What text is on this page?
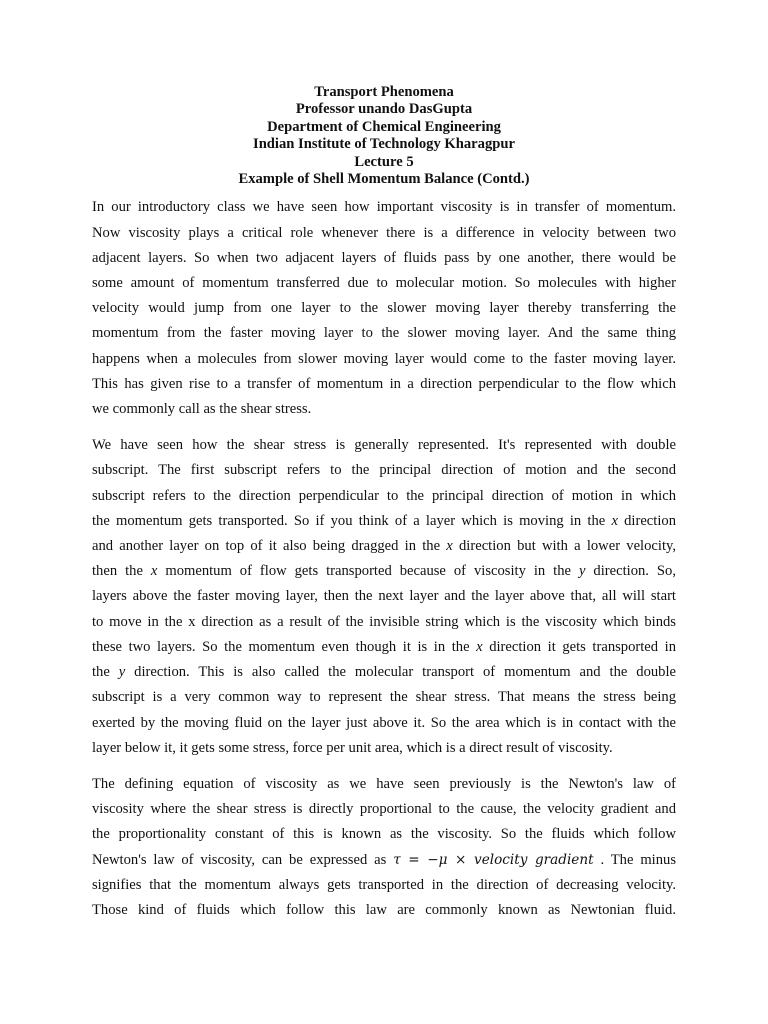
Transport Phenomena
Professor unando DasGupta
Department of Chemical Engineering
Indian Institute of Technology Kharagpur
Lecture 5
Example of Shell Momentum Balance (Contd.)
In our introductory class we have seen how important viscosity is in transfer of momentum.
Now viscosity plays a critical role whenever there is a difference in velocity between two
adjacent layers. So when two adjacent layers of fluids pass by one another, there would be
some amount of momentum transferred due to molecular motion. So molecules with higher
velocity would jump from one layer to the slower moving layer thereby transferring the
momentum from the faster moving layer to the slower moving layer. And the same thing
happens when a molecules from slower moving layer would come to the faster moving layer.
This has given rise to a transfer of momentum in a direction perpendicular to the flow which
we commonly call as the shear stress.
We have seen how the shear stress is generally represented. It's represented with double
subscript. The first subscript refers to the principal direction of motion and the second
subscript refers to the direction perpendicular to the principal direction of motion in which
the momentum gets transported. So if you think of a layer which is moving in the x direction
and another layer on top of it also being dragged in the x direction but with a lower velocity,
then the x momentum of flow gets transported because of viscosity in the y direction. So,
layers above the faster moving layer, then the next layer and the layer above that, all will start
to move in the x direction as a result of the invisible string which is the viscosity which binds
these two layers. So the momentum even though it is in the x direction it gets transported in
the y direction. This is also called the molecular transport of momentum and the double
subscript is a very common way to represent the shear stress. That means the stress being
exerted by the moving fluid on the layer just above it. So the area which is in contact with the
layer below it, it gets some stress, force per unit area, which is a direct result of viscosity.
The defining equation of viscosity as we have seen previously is the Newton's law of
viscosity where the shear stress is directly proportional to the cause, the velocity gradient and
the proportionality constant of this is known as the viscosity. So the fluids which follow
Newton's law of viscosity, can be expressed as τ = −μ × velocity gradient . The minus
signifies that the momentum always gets transported in the direction of decreasing velocity.
Those kind of fluids which follow this law are commonly known as Newtonian fluid.
